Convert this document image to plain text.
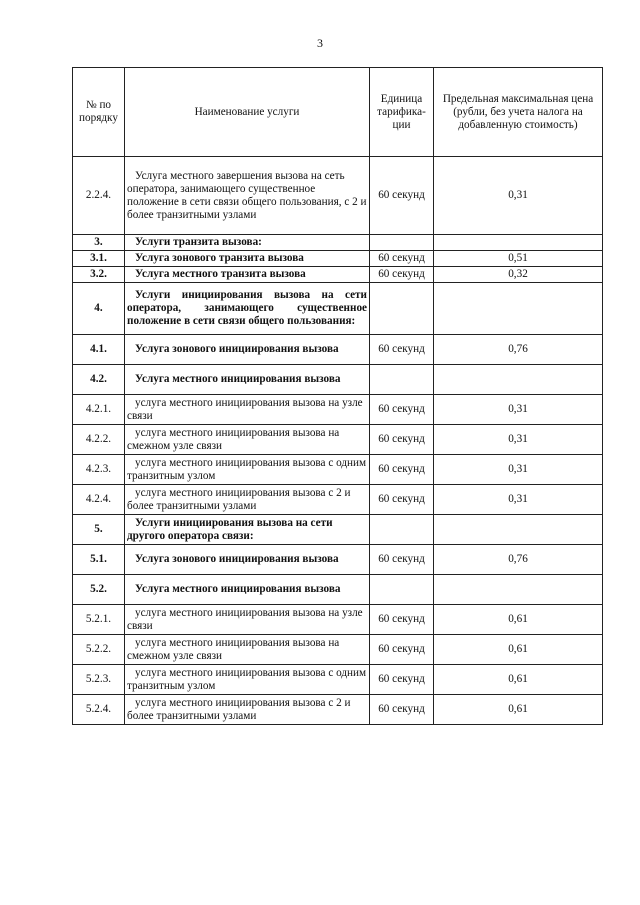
3
№ по порядку	Наименование услуги	Единица тарифика-ции	Предельная максимальная цена (рубли, без учета налога на добавленную стоимость)
2.2.4.	Услуга местного завершения вызова на сеть оператора, занимающего существенное положение в сети связи общего пользования, с 2 и более транзитными узлами	60 секунд	0,31
3.	Услуги транзита вызова:		
3.1.	Услуга зонового транзита вызова	60 секунд	0,51
3.2.	Услуга местного транзита вызова	60 секунд	0,32
4.	Услуги инициирования вызова на сети оператора, занимающего существенное положение в сети связи общего пользования:		
4.1.	Услуга зонового инициирования вызова	60 секунд	0,76
4.2.	Услуга местного инициирования вызова		
4.2.1.	услуга местного инициирования вызова на узле связи	60 секунд	0,31
4.2.2.	услуга местного инициирования вызова на смежном узле связи	60 секунд	0,31
4.2.3.	услуга местного инициирования вызова с одним транзитным узлом	60 секунд	0,31
4.2.4.	услуга местного инициирования вызова с 2 и более транзитными узлами	60 секунд	0,31
5.	Услуги инициирования вызова на сети другого оператора связи:		
5.1.	Услуга зонового инициирования вызова	60 секунд	0,76
5.2.	Услуга местного инициирования вызова		
5.2.1.	услуга местного инициирования вызова на узле связи	60 секунд	0,61
5.2.2.	услуга местного инициирования вызова на смежном узле связи	60 секунд	0,61
5.2.3.	услуга местного инициирования вызова с одним транзитным узлом	60 секунд	0,61
5.2.4.	услуга местного инициирования вызова с 2 и более транзитными узлами	60 секунд	0,61
